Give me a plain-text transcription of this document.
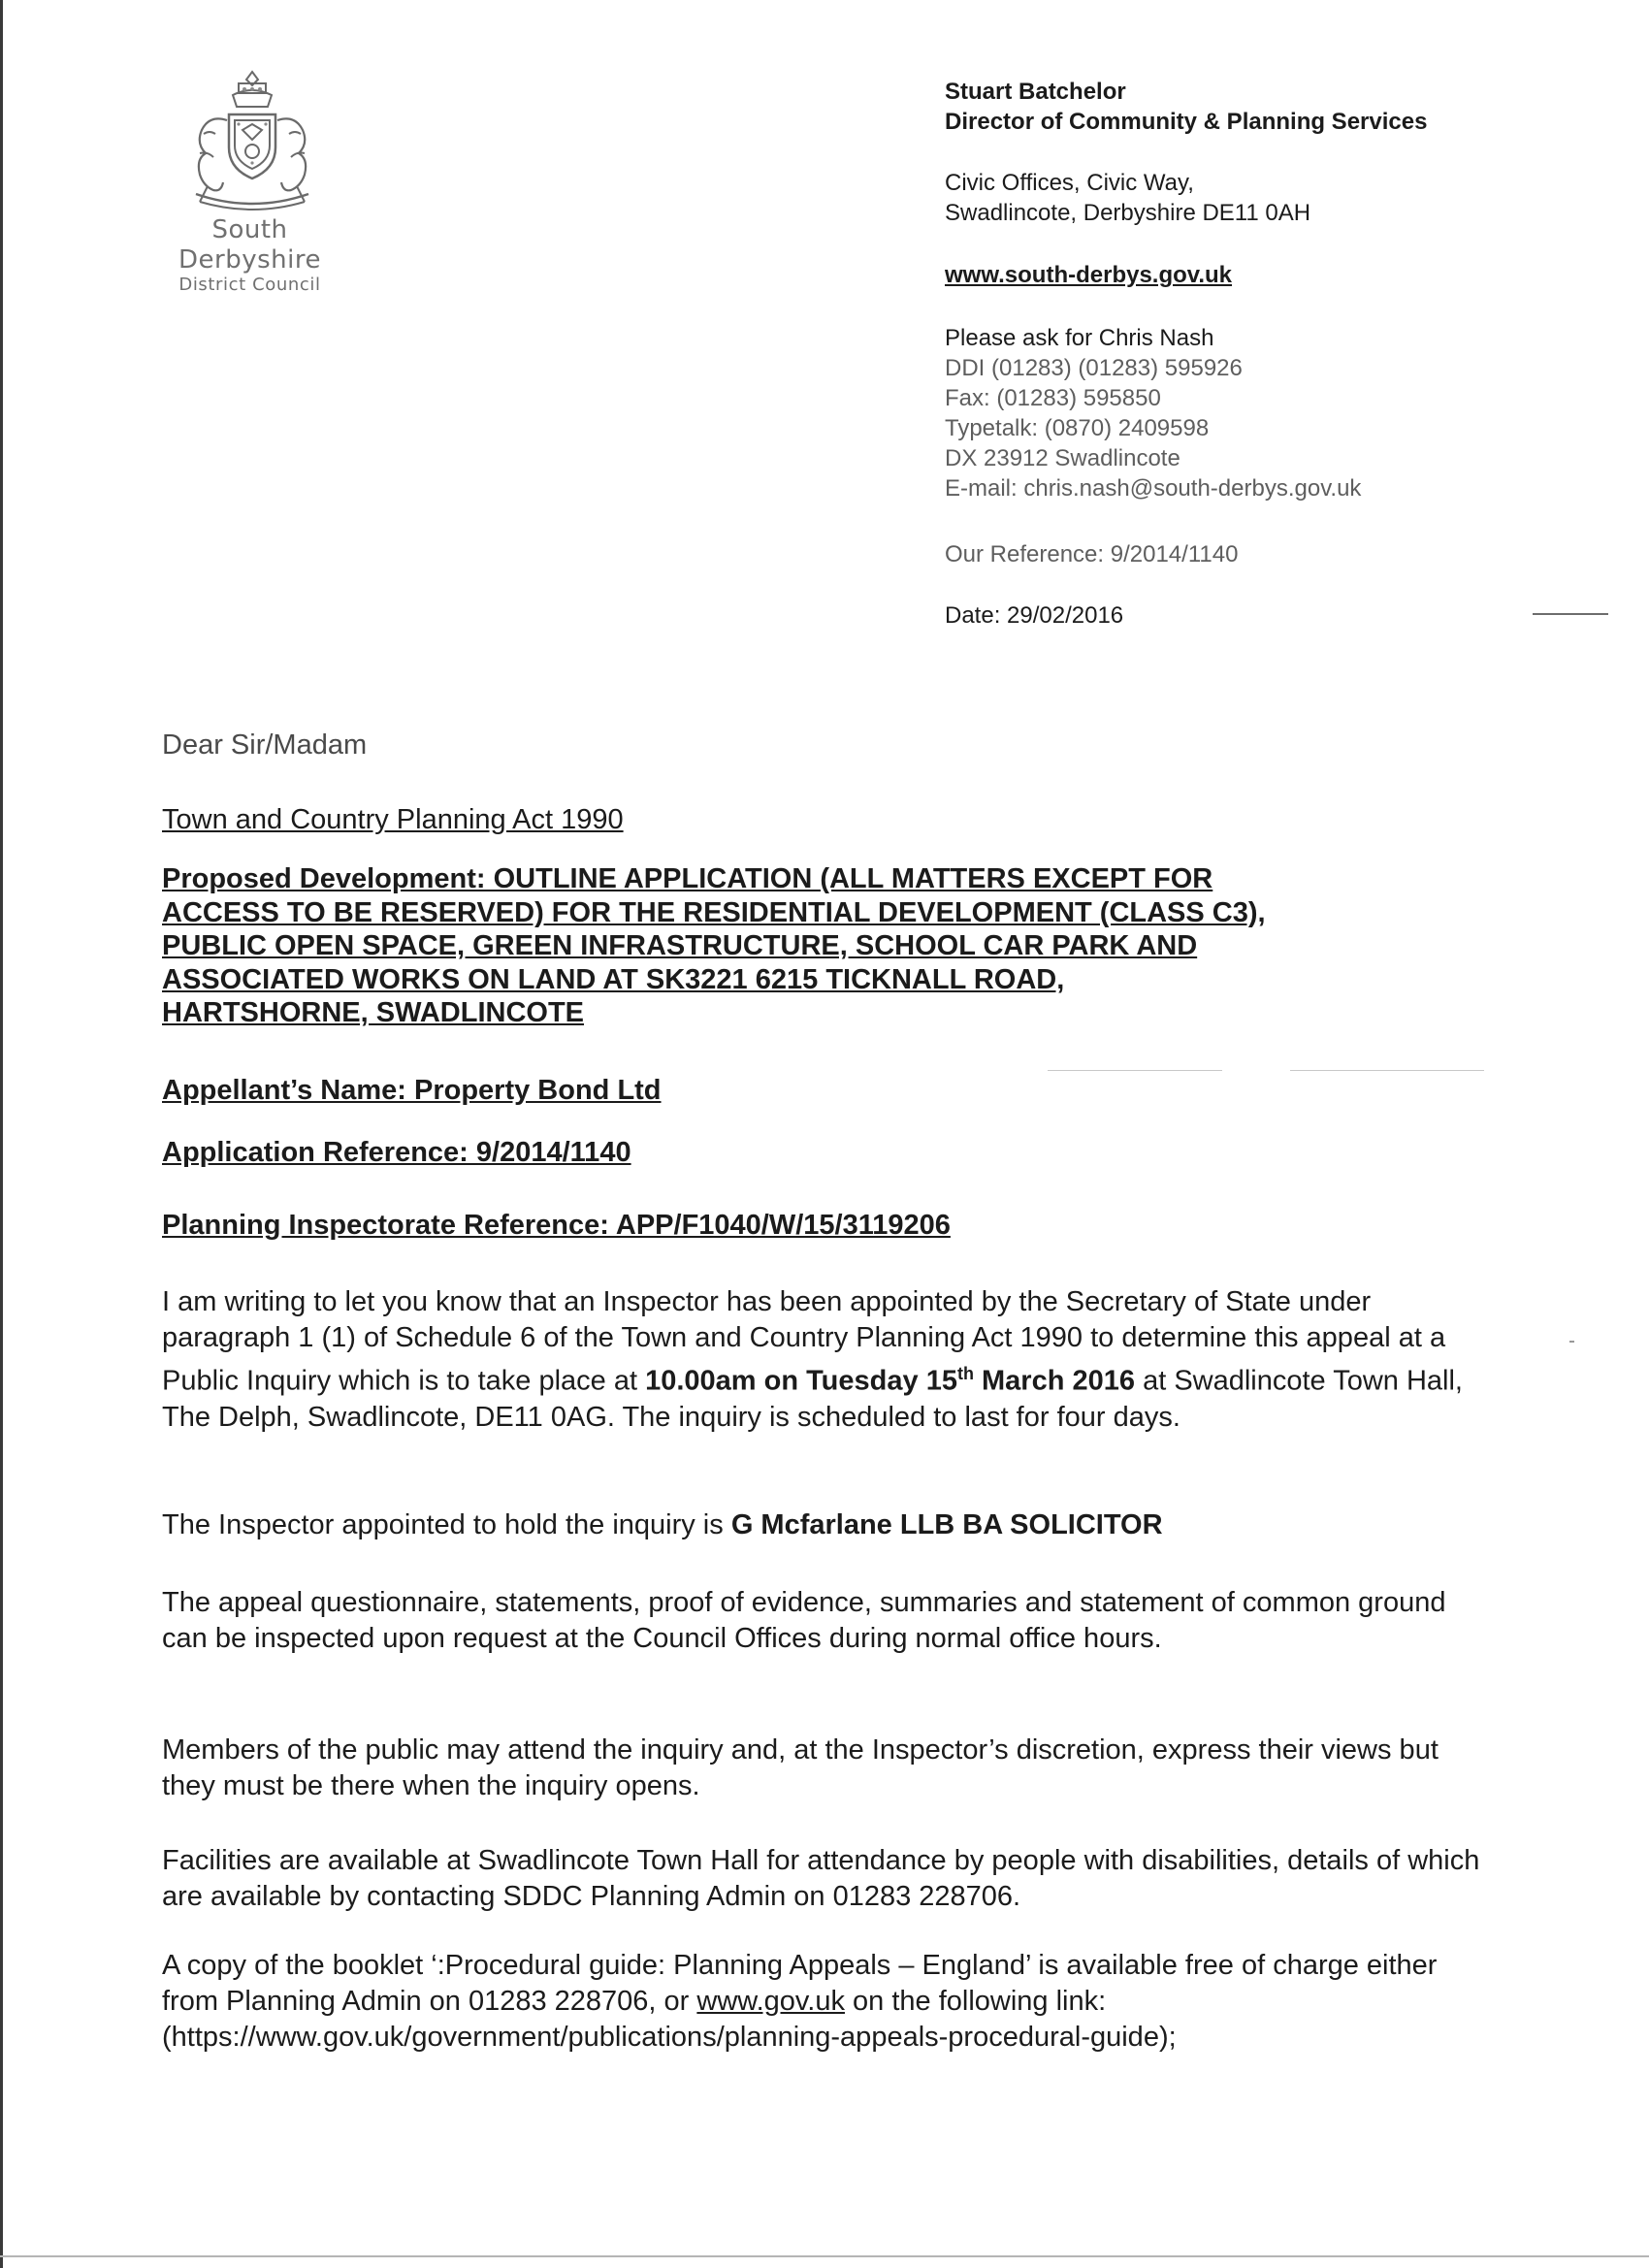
South
Derbyshire
District Council
Stuart Batchelor
Director of Community & Planning Services
Civic Offices, Civic Way,
Swadlincote, Derbyshire DE11 0AH
www.south-derbys.gov.uk
Please ask for Chris Nash
DDI (01283) (01283) 595926
Fax: (01283) 595850
Typetalk: (0870) 2409598
DX 23912 Swadlincote
E-mail: chris.nash@south-derbys.gov.uk
Our Reference: 9/2014/1140
Date: 29/02/2016

Dear Sir/Madam

Town and Country Planning Act 1990

Proposed Development: OUTLINE APPLICATION (ALL MATTERS EXCEPT FOR

ACCESS TO BE RESERVED) FOR THE RESIDENTIAL DEVELOPMENT (CLASS C3),

PUBLIC OPEN SPACE, GREEN INFRASTRUCTURE, SCHOOL CAR PARK AND

ASSOCIATED WORKS ON LAND AT SK3221 6215 TICKNALL ROAD,

HARTSHORNE, SWADLINCOTE

Appellant’s Name: Property Bond Ltd

Application Reference: 9/2014/1140

Planning Inspectorate Reference: APP/F1040/W/15/3119206

I am writing to let you know that an Inspector has been appointed by the Secretary of State under paragraph 1 (1) of Schedule 6 of the Town and Country Planning Act 1990 to determine this appeal at a Public Inquiry which is to take place at 10.00am on Tuesday 15th March 2016 at Swadlincote Town Hall, The Delph, Swadlincote, DE11 0AG. The inquiry is scheduled to last for four days.

The Inspector appointed to hold the inquiry is G Mcfarlane LLB BA SOLICITOR

The appeal questionnaire, statements, proof of evidence, summaries and statement of common ground can be inspected upon request at the Council Offices during normal office hours.

Members of the public may attend the inquiry and, at the Inspector’s discretion, express their views but they must be there when the inquiry opens.

Facilities are available at Swadlincote Town Hall for attendance by people with disabilities, details of which are available by contacting SDDC Planning Admin on 01283 228706.

A copy of the booklet ‘:Procedural guide: Planning Appeals – England’ is available free of charge either from Planning Admin on 01283 228706, or www.gov.uk on the following link: (https://www.gov.uk/government/publications/planning-appeals-procedural-guide);
